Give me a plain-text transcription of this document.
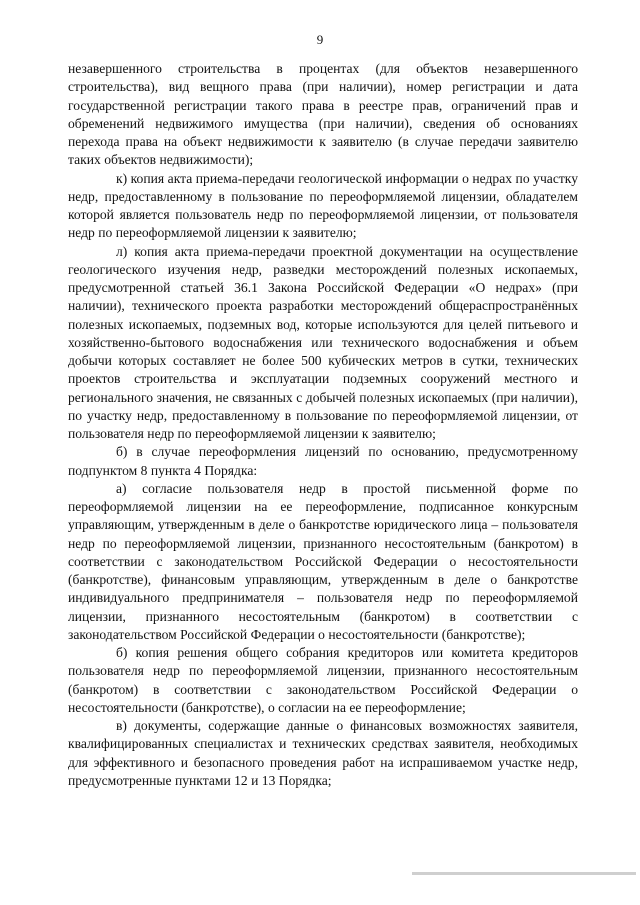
9

незавершенного строительства в процентах (для объектов незавершенного строительства), вид вещного права (при наличии), номер регистрации и дата государственной регистрации такого права в реестре прав, ограничений прав и обременений недвижимого имущества (при наличии), сведения об основаниях перехода права на объект недвижимости к заявителю (в случае передачи заявителю таких объектов недвижимости);

к) копия акта приема-передачи геологической информации о недрах по участку недр, предоставленному в пользование по переоформляемой лицензии, обладателем которой является пользователь недр по переоформляемой лицензии, от пользователя недр по переоформляемой лицензии к заявителю;

л) копия акта приема-передачи проектной документации на осуществление геологического изучения недр, разведки месторождений полезных ископаемых, предусмотренной статьей 36.1 Закона Российской Федерации «О недрах» (при наличии), технического проекта разработки месторождений общераспространённых полезных ископаемых, подземных вод, которые используются для целей питьевого и хозяйственно-бытового водоснабжения или технического водоснабжения и объем добычи которых составляет не более 500 кубических метров в сутки, технических проектов строительства и эксплуатации подземных сооружений местного и регионального значения, не связанных с добычей полезных ископаемых (при наличии), по участку недр, предоставленному в пользование по переоформляемой лицензии, от пользователя недр по переоформляемой лицензии к заявителю;

б) в случае переоформления лицензий по основанию, предусмотренному подпунктом 8 пункта 4 Порядка:

а) согласие пользователя недр в простой письменной форме по переоформляемой лицензии на ее переоформление, подписанное конкурсным управляющим, утвержденным в деле о банкротстве юридического лица – пользователя недр по переоформляемой лицензии, признанного несостоятельным (банкротом) в соответствии с законодательством Российской Федерации о несостоятельности (банкротстве), финансовым управляющим, утвержденным в деле о банкротстве индивидуального предпринимателя – пользователя недр по переоформляемой лицензии, признанного несостоятельным (банкротом) в соответствии с законодательством Российской Федерации о несостоятельности (банкротстве);

б) копия решения общего собрания кредиторов или комитета кредиторов пользователя недр по переоформляемой лицензии, признанного несостоятельным (банкротом) в соответствии с законодательством Российской Федерации о несостоятельности (банкротстве), о согласии на ее переоформление;

в) документы, содержащие данные о финансовых возможностях заявителя, квалифицированных специалистах и технических средствах заявителя, необходимых для эффективного и безопасного проведения работ на испрашиваемом участке недр, предусмотренные пунктами 12 и 13 Порядка;
